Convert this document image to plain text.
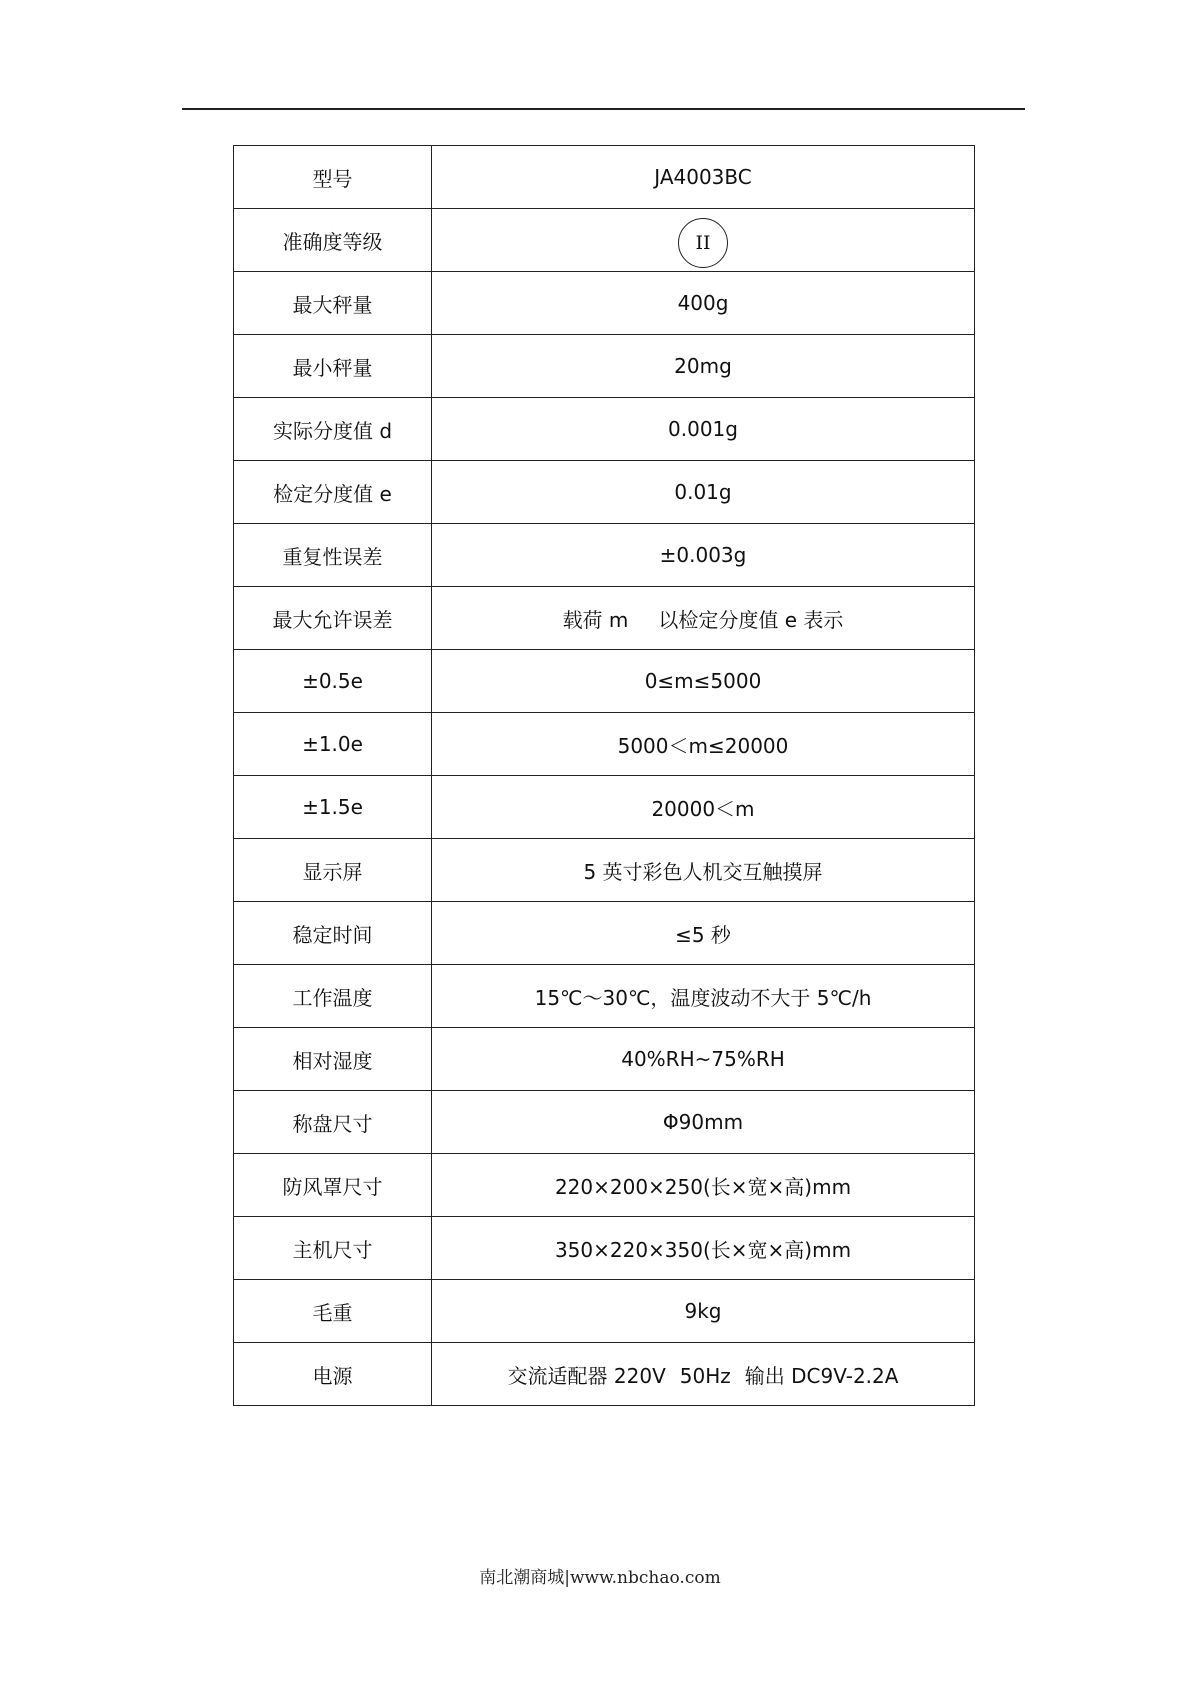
型号	JA4003BC
准确度等级	II
最大秤量	400g
最小秤量	20mg
实际分度值 d	0.001g
检定分度值 e	0.01g
重复性误差	±0.003g
最大允许误差	载荷 m 以检定分度值 e 表示
±0.5e	0≤m≤5000
±1.0e	5000＜m≤20000
±1.5e	20000＜m
显示屏	5 英寸彩色人机交互触摸屏
稳定时间	≤5 秒
工作温度	15℃～30℃，温度波动不大于 5℃/h
相对湿度	40%RH~75%RH
称盘尺寸	Φ90mm
防风罩尺寸	220×200×250(长×宽×高)mm
主机尺寸	350×220×350(长×宽×高)mm
毛重	9kg
电源	交流适配器 220V 50Hz 输出 DC9V-2.2A
南北潮商城|www.nbchao.com
